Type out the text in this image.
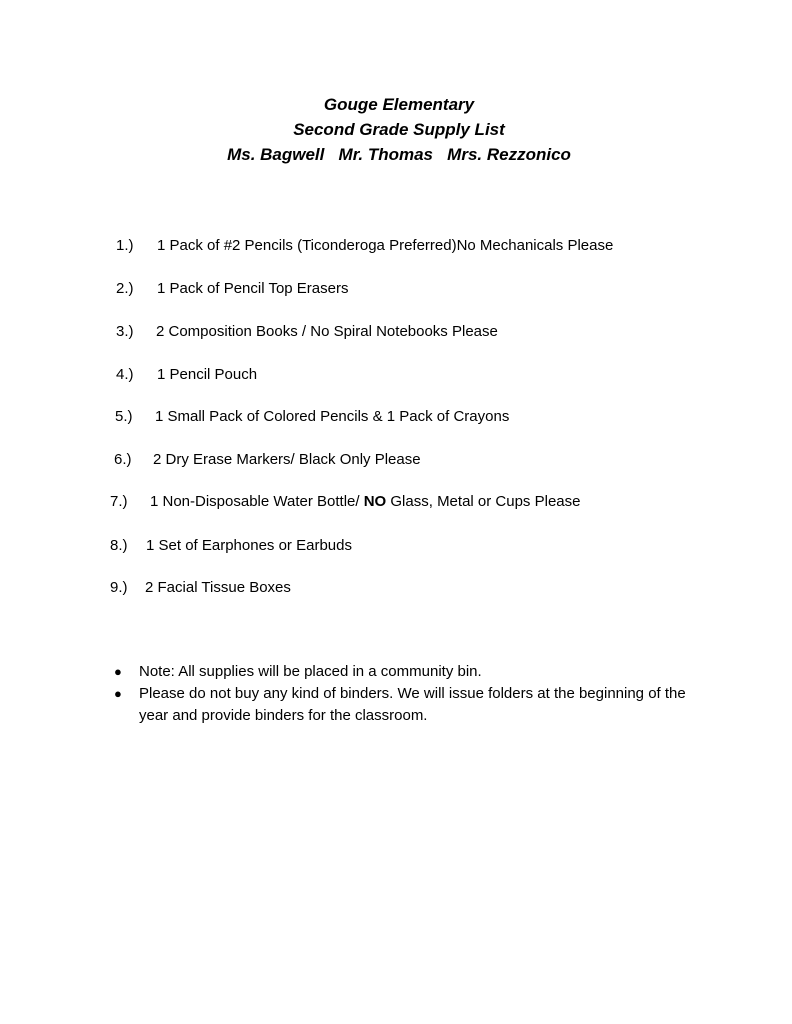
Gouge Elementary
Second Grade Supply List
Ms. Bagwell   Mr. Thomas   Mrs. Rezzonico
1.) 1 Pack of #2 Pencils (Ticonderoga Preferred)No Mechanicals Please
2.) 1 Pack of Pencil Top Erasers
3.) 2 Composition Books / No Spiral Notebooks Please
4.) 1 Pencil Pouch
5.) 1 Small Pack of Colored Pencils & 1 Pack of Crayons
6.) 2 Dry Erase Markers/ Black Only Please
7.) 1 Non-Disposable Water Bottle/ NO Glass, Metal or Cups Please
8.) 1 Set of Earphones or Earbuds
9.) 2 Facial Tissue Boxes
● Note: All supplies will be placed in a community bin.
● Please do not buy any kind of binders. We will issue folders at the beginning of the year and provide binders for the classroom.
